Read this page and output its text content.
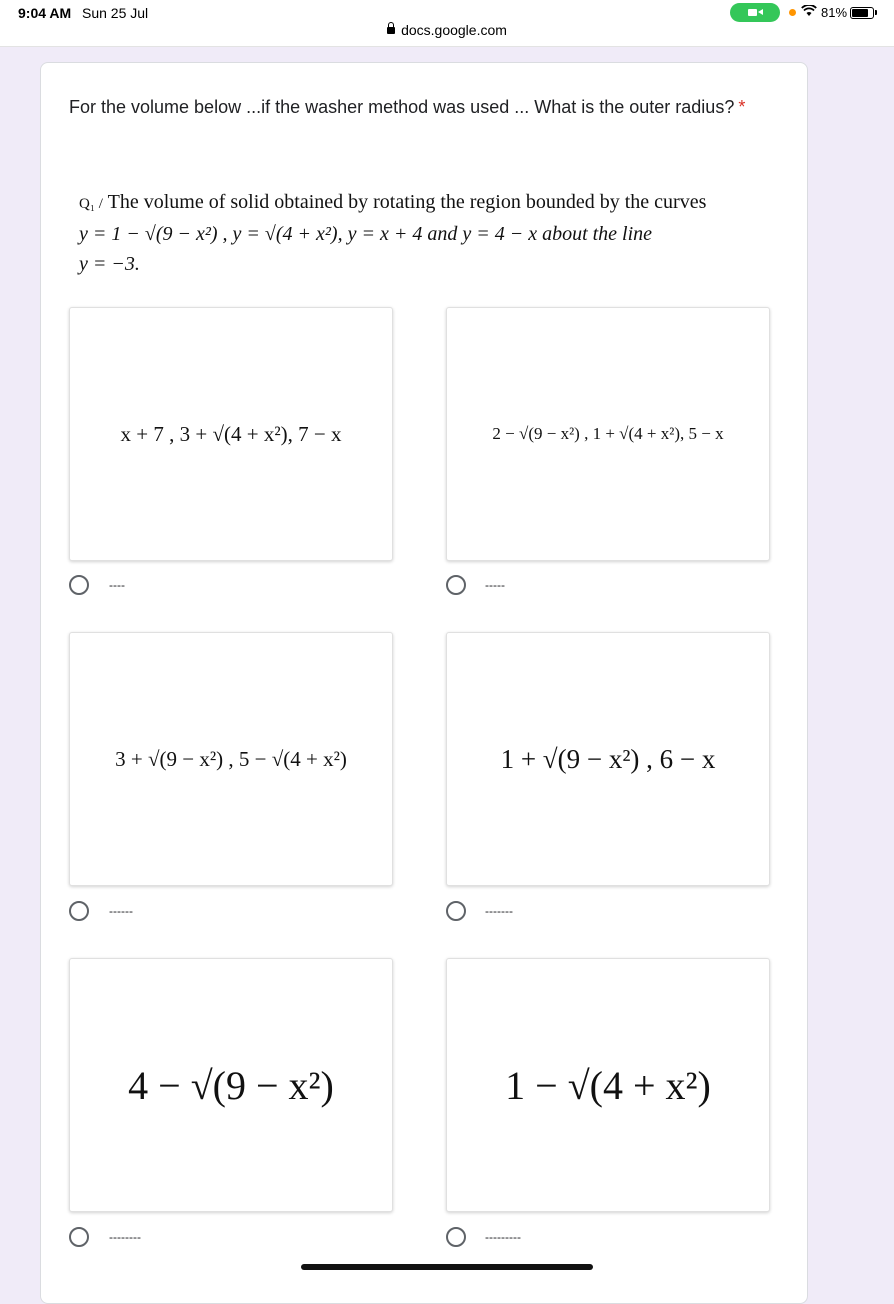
9:04 AM Sun 25 Jul	81%
docs.google.com
For the volume below ...if the washer method was used ... What is the outer radius? *
Q₁ / The volume of solid obtained by rotating the region bounded by the curves
y = 1 − √(9 − x²) , y = √(4 + x²), y = x + 4 and y = 4 − x about the line
y = −3.
x + 7 , 3 + √(4 + x²), 7 − x
----
2 − √(9 − x²) , 1 + √(4 + x²), 5 − x
-----
3 + √(9 − x²) , 5 − √(4 + x²)
------
1 + √(9 − x²) , 6 − x
-------
4 − √(9 − x²)
--------
1 − √(4 + x²)
---------
